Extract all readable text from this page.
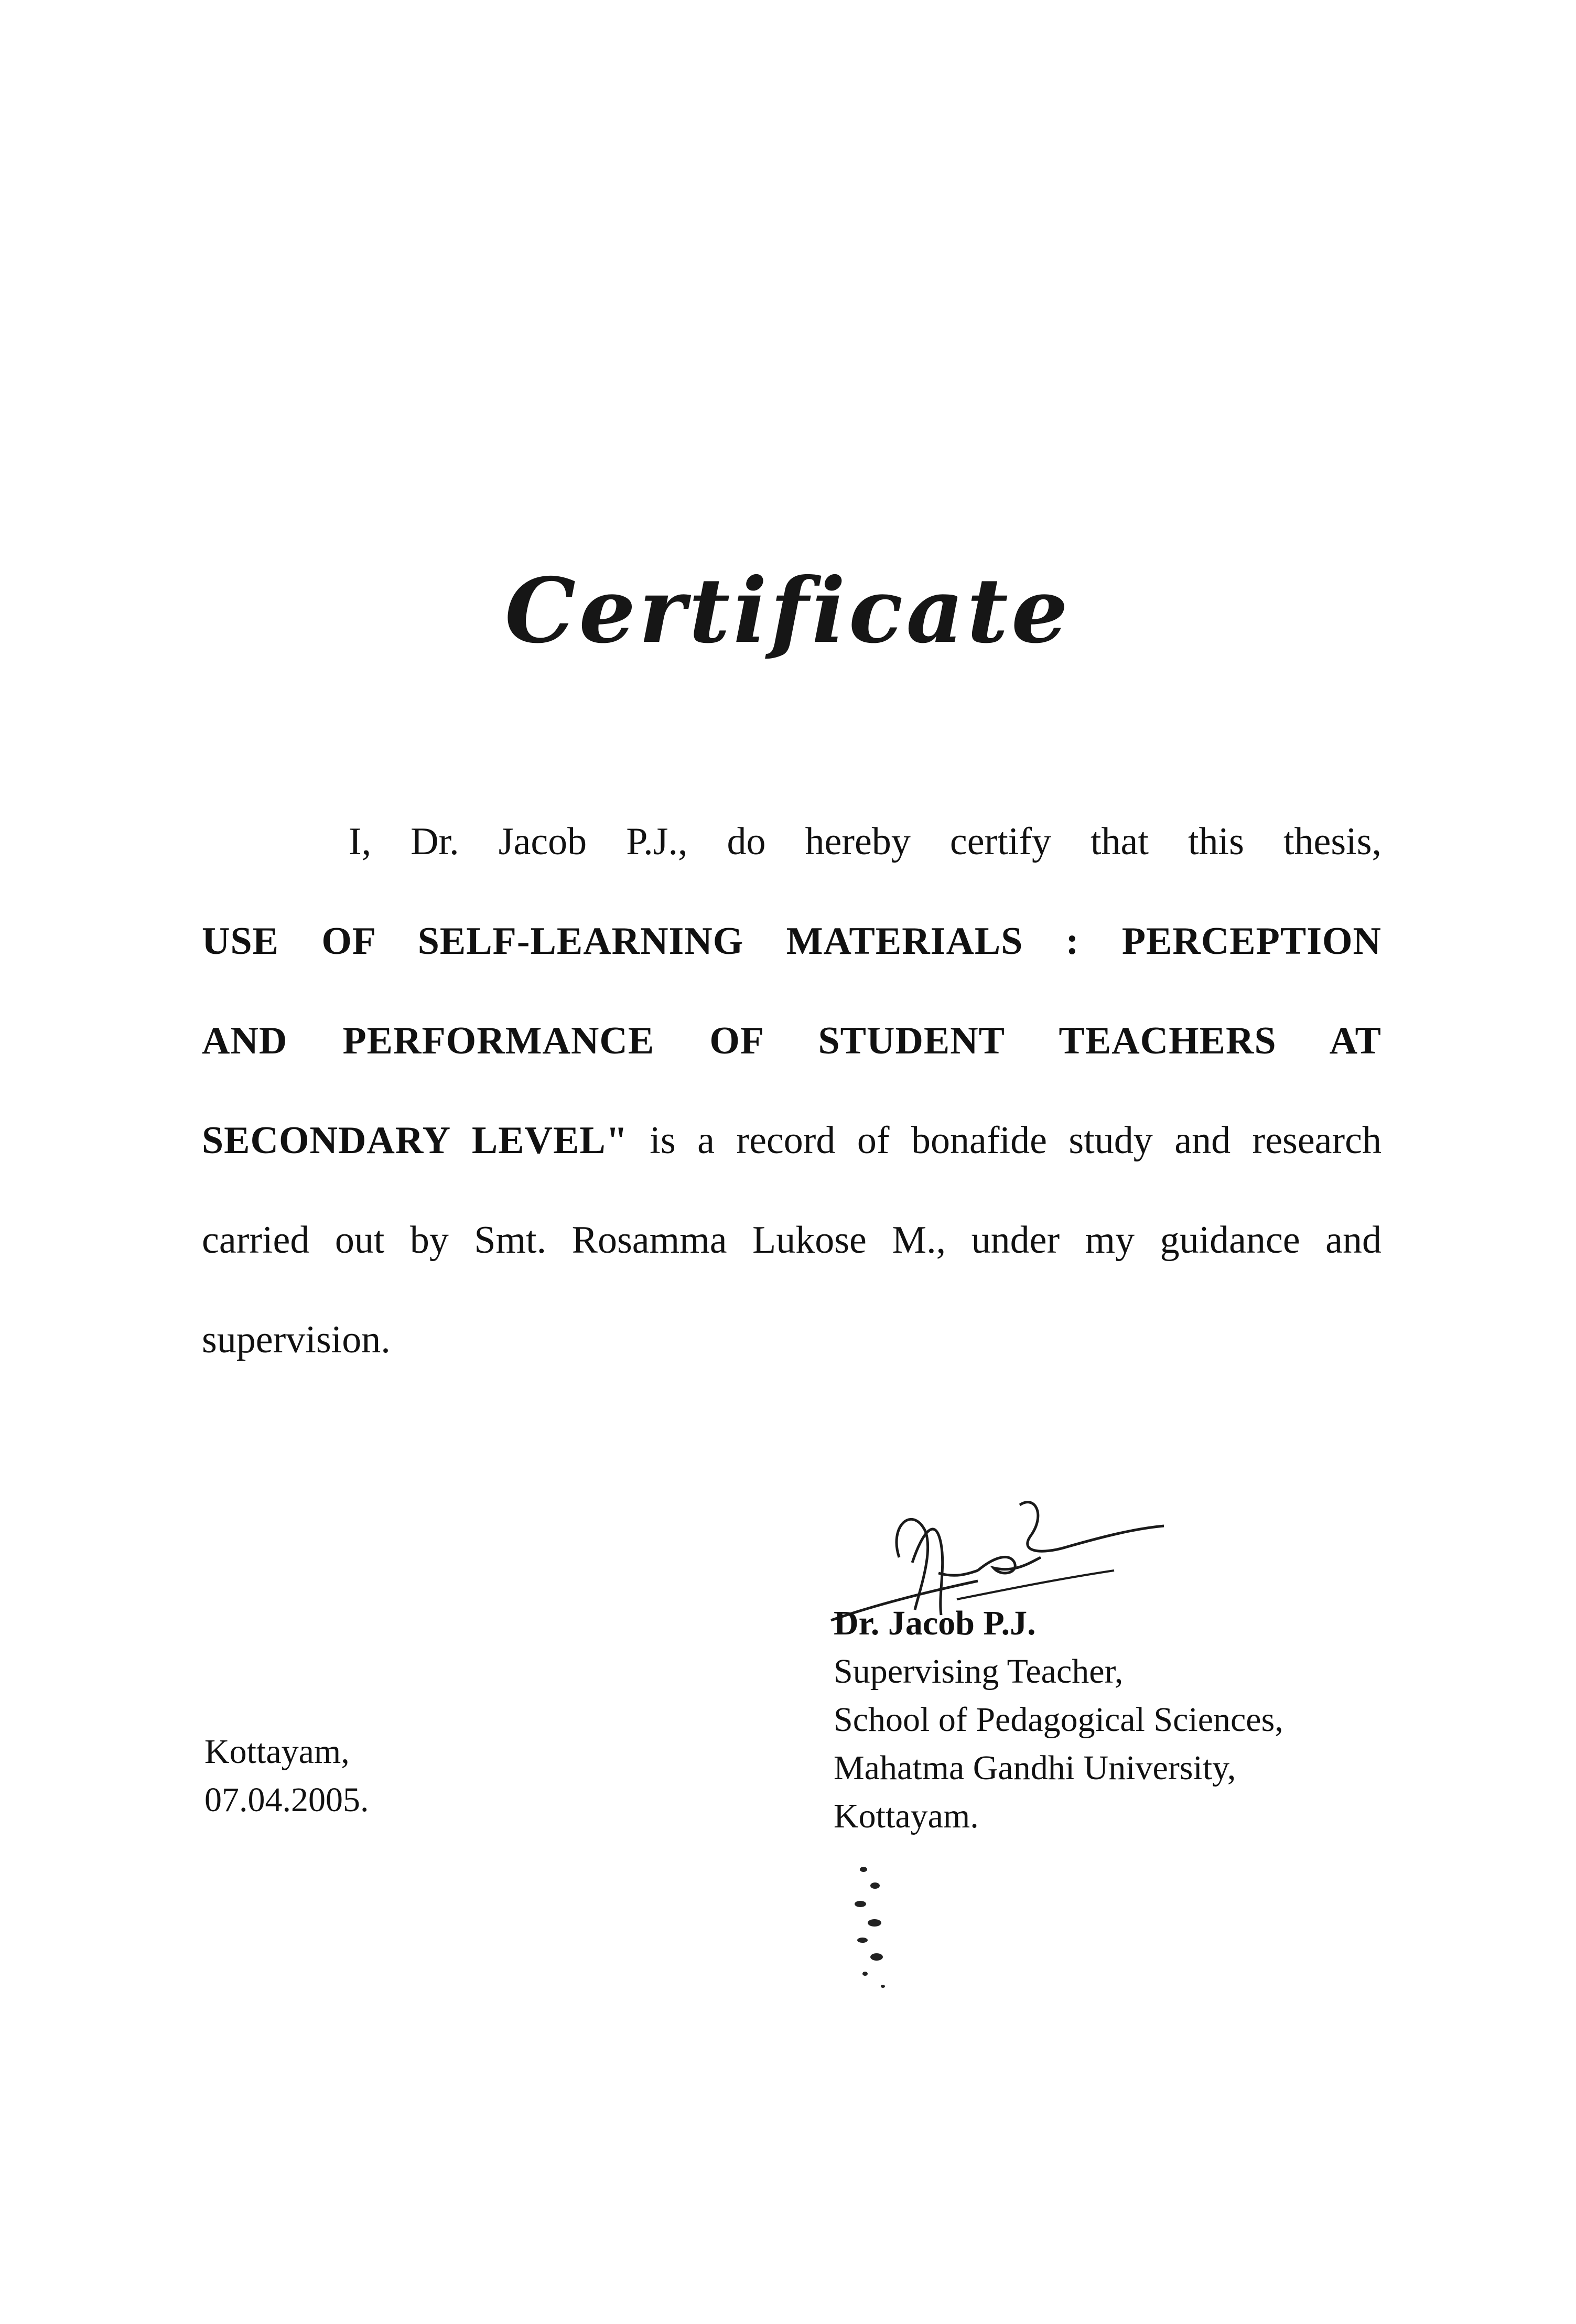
Certificate
I, Dr. Jacob P.J., do hereby certify that this thesis,
USE OF SELF-LEARNING MATERIALS : PERCEPTION
AND PERFORMANCE OF STUDENT TEACHERS AT
SECONDARY LEVEL" is a record of bonafide study and research
carried out by Smt. Rosamma Lukose M., under my guidance and
supervision.
Dr. Jacob P.J.
Supervising Teacher,
School of Pedagogical Sciences,
Mahatma Gandhi University,
Kottayam.
Kottayam,
07.04.2005.
